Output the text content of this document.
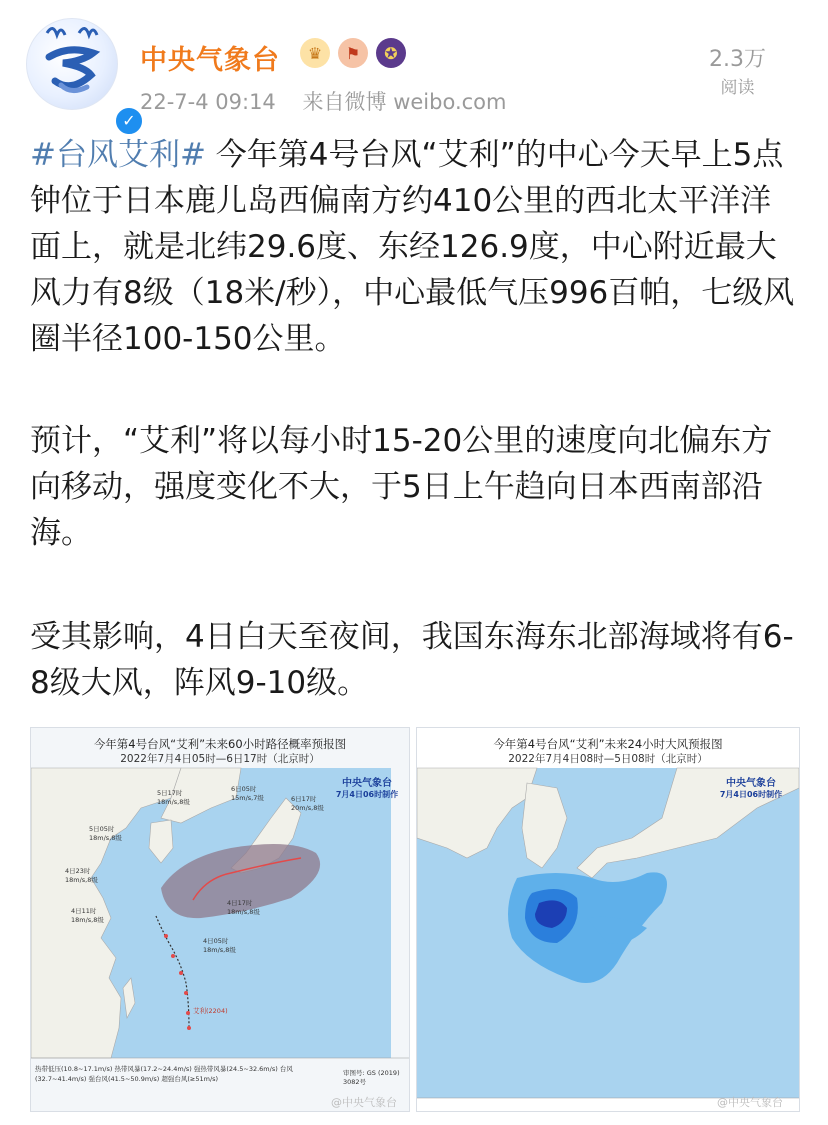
✓
中央气象台	♛	⚑	✪
22-7-4 09:14 来自微博 weibo.com
2.3万
阅读

#台风艾利# 今年第4号台风“艾利”的中心今天早上5点钟位于日本鹿儿岛西偏南方约410公里的西北太平洋洋面上，就是北纬29.6度、东经126.9度，中心附近最大风力有8级（18米/秒），中心最低气压996百帕，七级风圈半径100-150公里。

预计，“艾利”将以每小时15-20公里的速度向北偏东方向移动，强度变化不大，于5日上午趋向日本西南部沿海。

受其影响，4日白天至夜间，我国东海东北部海域将有6-8级大风，阵风9-10级。

今年第4号台风“艾利”未来60小时路径概率预报图
2022年7月4日05时—6日17时（北京时）
中央气象台
7月4日06时制作
5日17时
18m/s,8级
6日05时
15m/s,7级	6日17时
20m/s,8级
5日05时
18m/s,8级
4日23时
18m/s,8级
4日17时
18m/s,8级
4日11时
18m/s,8级
4日05时
18m/s,8级
艾利(2204)
热带低压(10.8~17.1m/s) 热带风暴(17.2~24.4m/s) 强热带风暴(24.5~32.6m/s) 台风(32.7~41.4m/s) 强台风(41.5~50.9m/s) 超强台风(≥51m/s)
审图号: GS (2019) 3082号
@中央气象台
今年第4号台风“艾利”未来24小时大风预报图
2022年7月4日08时—5日08时（北京时）
中央气象台
7月4日06时制作
@中央气象台
